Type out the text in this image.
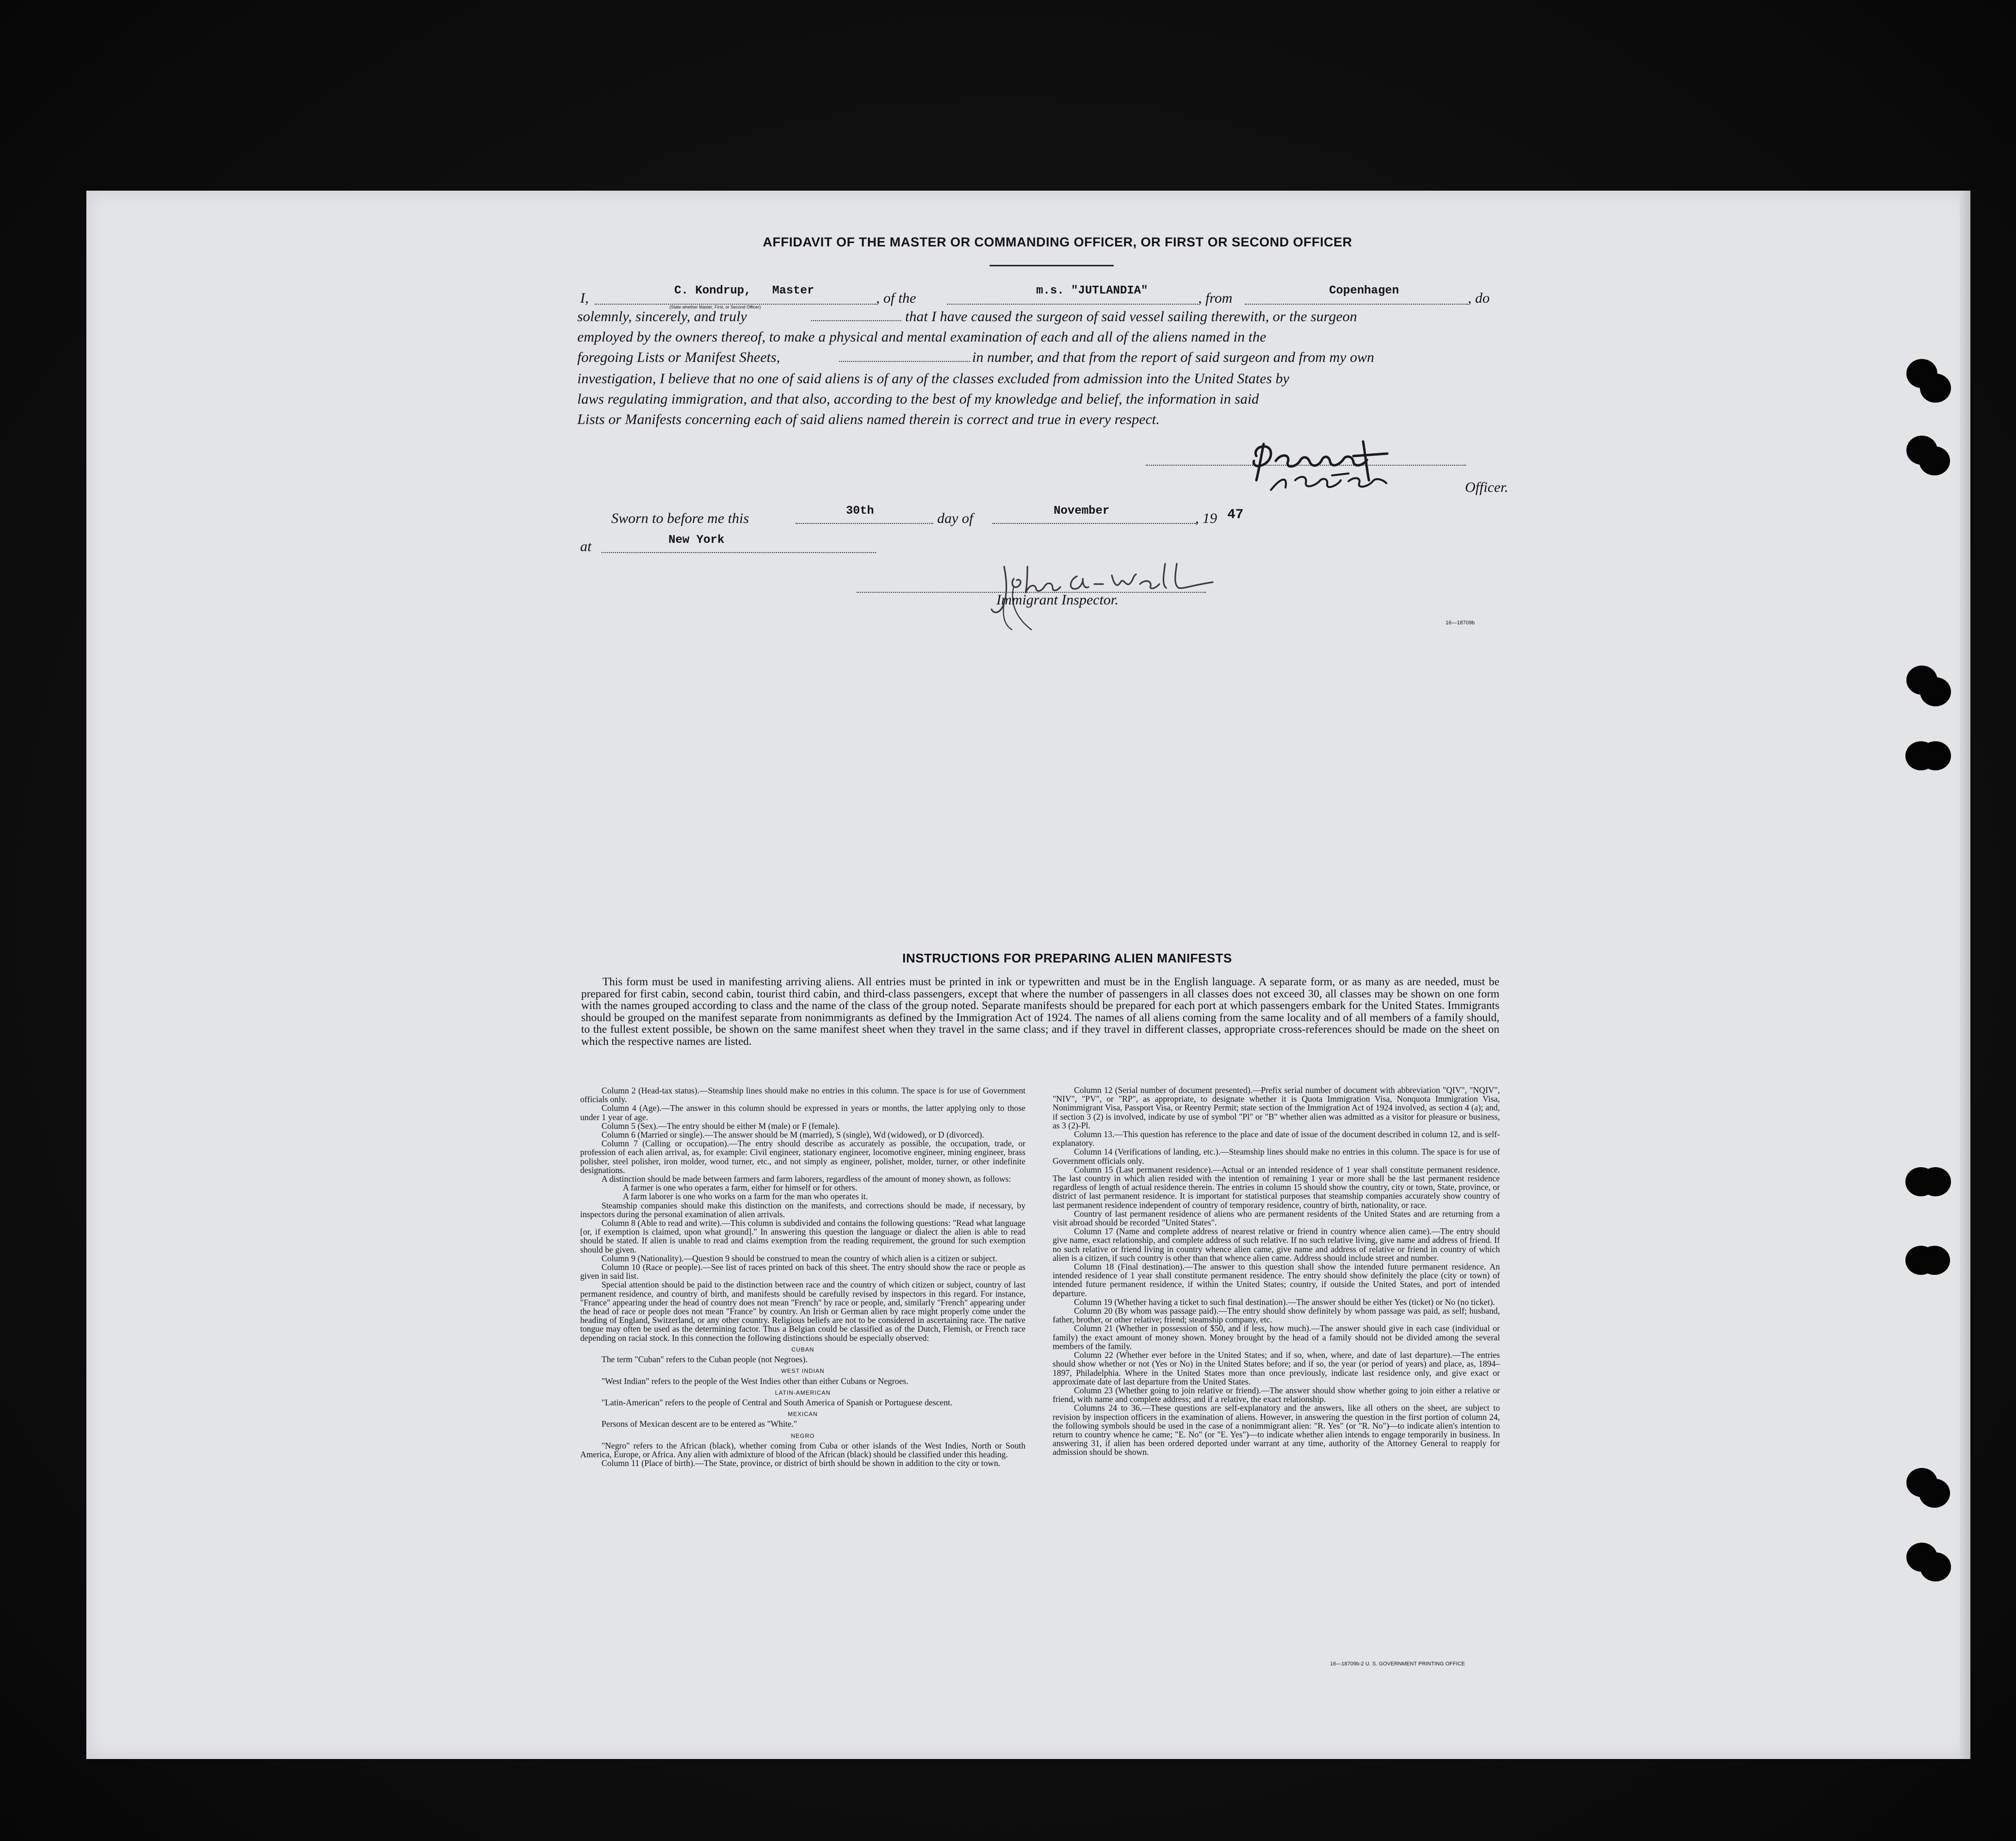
AFFIDAVIT OF THE MASTER OR COMMANDING OFFICER, OR FIRST OR SECOND OFFICER
I,	C. Kondrup, Master
(State whether Master, First, or Second Officer)
, of the	m.s. "JUTLANDIA"	, from	Copenhagen	, do
solemnly, sincerely, and truly	that I have caused the surgeon of said vessel sailing therewith, or the surgeon
employed by the owners thereof, to make a physical and mental examination of each and all of the aliens named in the
foregoing Lists or Manifest Sheets,	in number, and that from the report of said surgeon and from my own
investigation, I believe that no one of said aliens is of any of the classes excluded from admission into the United States by
laws regulating immigration, and that also, according to the best of my knowledge and belief, the information in said
Lists or Manifests concerning each of said aliens named therein is correct and true in every respect.
Officer.
Sworn to before me this	30th	day of	November	, 19 47
at	New York
Immigrant Inspector.
16—18709b
INSTRUCTIONS FOR PREPARING ALIEN MANIFESTS

This form must be used in manifesting arriving aliens. All entries must be printed in ink or typewritten and must be in the English language. A separate form, or as many as are needed, must be prepared for first cabin, second cabin, tourist third cabin, and third-class passengers, except that where the number of passengers in all classes does not exceed 30, all classes may be shown on one form with the names grouped according to class and the name of the class of the group noted. Separate manifests should be prepared for each port at which passengers embark for the United States. Immigrants should be grouped on the manifest separate from nonimmigrants as defined by the Immigration Act of 1924. The names of all aliens coming from the same locality and of all members of a family should, to the fullest extent possible, be shown on the same manifest sheet when they travel in the same class; and if they travel in different classes, appropriate cross-references should be made on the sheet on which the respective names are listed.

Column 2 (Head-tax status).—Steamship lines should make no entries in this column. The space is for use of Government officials only.

Column 4 (Age).—The answer in this column should be expressed in years or months, the latter applying only to those under 1 year of age.

Column 5 (Sex).—The entry should be either M (male) or F (female).

Column 6 (Married or single).—The answer should be M (married), S (single), Wd (widowed), or D (divorced).

Column 7 (Calling or occupation).—The entry should describe as accurately as possible, the occupation, trade, or profession of each alien arrival, as, for example: Civil engineer, stationary engineer, locomotive engineer, mining engineer, brass polisher, steel polisher, iron molder, wood turner, etc., and not simply as engineer, polisher, molder, turner, or other indefinite designations.

A distinction should be made between farmers and farm laborers, regardless of the amount of money shown, as follows:

A farmer is one who operates a farm, either for himself or for others.

A farm laborer is one who works on a farm for the man who operates it.

Steamship companies should make this distinction on the manifests, and corrections should be made, if necessary, by inspectors during the personal examination of alien arrivals.

Column 8 (Able to read and write).—This column is subdivided and contains the following questions: "Read what language [or, if exemption is claimed, upon what ground]." In answering this question the language or dialect the alien is able to read should be stated. If alien is unable to read and claims exemption from the reading requirement, the ground for such exemption should be given.

Column 9 (Nationality).—Question 9 should be construed to mean the country of which alien is a citizen or subject.

Column 10 (Race or people).—See list of races printed on back of this sheet. The entry should show the race or people as given in said list.

Special attention should be paid to the distinction between race and the country of which citizen or subject, country of last permanent residence, and country of birth, and manifests should be carefully revised by inspectors in this regard. For instance, "France" appearing under the head of country does not mean "French" by race or people, and, similarly "French" appearing under the head of race or people does not mean "France" by country. An Irish or German alien by race might properly come under the heading of England, Switzerland, or any other country. Religious beliefs are not to be considered in ascertaining race. The native tongue may often be used as the determining factor. Thus a Belgian could be classified as of the Dutch, Flemish, or French race depending on racial stock. In this connection the following distinctions should be especially observed:

CUBAN

The term "Cuban" refers to the Cuban people (not Negroes).

WEST INDIAN

"West Indian" refers to the people of the West Indies other than either Cubans or Negroes.

LATIN-AMERICAN

"Latin-American" refers to the people of Central and South America of Spanish or Portuguese descent.

MEXICAN

Persons of Mexican descent are to be entered as "White."

NEGRO

"Negro" refers to the African (black), whether coming from Cuba or other islands of the West Indies, North or South America, Europe, or Africa. Any alien with admixture of blood of the African (black) should be classified under this heading.

Column 11 (Place of birth).—The State, province, or district of birth should be shown in addition to the city or town.

Column 12 (Serial number of document presented).—Prefix serial number of document with abbreviation "QIV", "NQIV", "NIV", "PV", or "RP", as appropriate, to designate whether it is Quota Immigration Visa, Nonquota Immigration Visa, Nonimmigrant Visa, Passport Visa, or Reentry Permit; state section of the Immigration Act of 1924 involved, as section 4 (a); and, if section 3 (2) is involved, indicate by use of symbol "Pl" or "B" whether alien was admitted as a visitor for pleasure or business, as 3 (2)-Pl.

Column 13.—This question has reference to the place and date of issue of the document described in column 12, and is self-explanatory.

Column 14 (Verifications of landing, etc.).—Steamship lines should make no entries in this column. The space is for use of Government officials only.

Column 15 (Last permanent residence).—Actual or an intended residence of 1 year shall constitute permanent residence. The last country in which alien resided with the intention of remaining 1 year or more shall be the last permanent residence regardless of length of actual residence therein. The entries in column 15 should show the country, city or town, State, province, or district of last permanent residence. It is important for statistical purposes that steamship companies accurately show country of last permanent residence independent of country of temporary residence, country of birth, nationality, or race.

Country of last permanent residence of aliens who are permanent residents of the United States and are returning from a visit abroad should be recorded "United States".

Column 17 (Name and complete address of nearest relative or friend in country whence alien came).—The entry should give name, exact relationship, and complete address of such relative. If no such relative living, give name and address of friend. If no such relative or friend living in country whence alien came, give name and address of relative or friend in country of which alien is a citizen, if such country is other than that whence alien came. Address should include street and number.

Column 18 (Final destination).—The answer to this question shall show the intended future permanent residence. An intended residence of 1 year shall constitute permanent residence. The entry should show definitely the place (city or town) of intended future permanent residence, if within the United States; country, if outside the United States, and port of intended departure.

Column 19 (Whether having a ticket to such final destination).—The answer should be either Yes (ticket) or No (no ticket).

Column 20 (By whom was passage paid).—The entry should show definitely by whom passage was paid, as self; husband, father, brother, or other relative; friend; steamship company, etc.

Column 21 (Whether in possession of $50, and if less, how much).—The answer should give in each case (individual or family) the exact amount of money shown. Money brought by the head of a family should not be divided among the several members of the family.

Column 22 (Whether ever before in the United States; and if so, when, where, and date of last departure).—The entries should show whether or not (Yes or No) in the United States before; and if so, the year (or period of years) and place, as, 1894–1897, Philadelphia. Where in the United States more than once previously, indicate last residence only, and give exact or approximate date of last departure from the United States.

Column 23 (Whether going to join relative or friend).—The answer should show whether going to join either a relative or friend, with name and complete address; and if a relative, the exact relationship.

Columns 24 to 36.—These questions are self-explanatory and the answers, like all others on the sheet, are subject to revision by inspection officers in the examination of aliens. However, in answering the question in the first portion of column 24, the following symbols should be used in the case of a nonimmigrant alien: "R. Yes" (or "R. No")—to indicate alien's intention to return to country whence he came; "E. No" (or "E. Yes")—to indicate whether alien intends to engage temporarily in business. In answering 31, if alien has been ordered deported under warrant at any time, authority of the Attorney General to reapply for admission should be shown.

16—18709b-2 U. S. GOVERNMENT PRINTING OFFICE
